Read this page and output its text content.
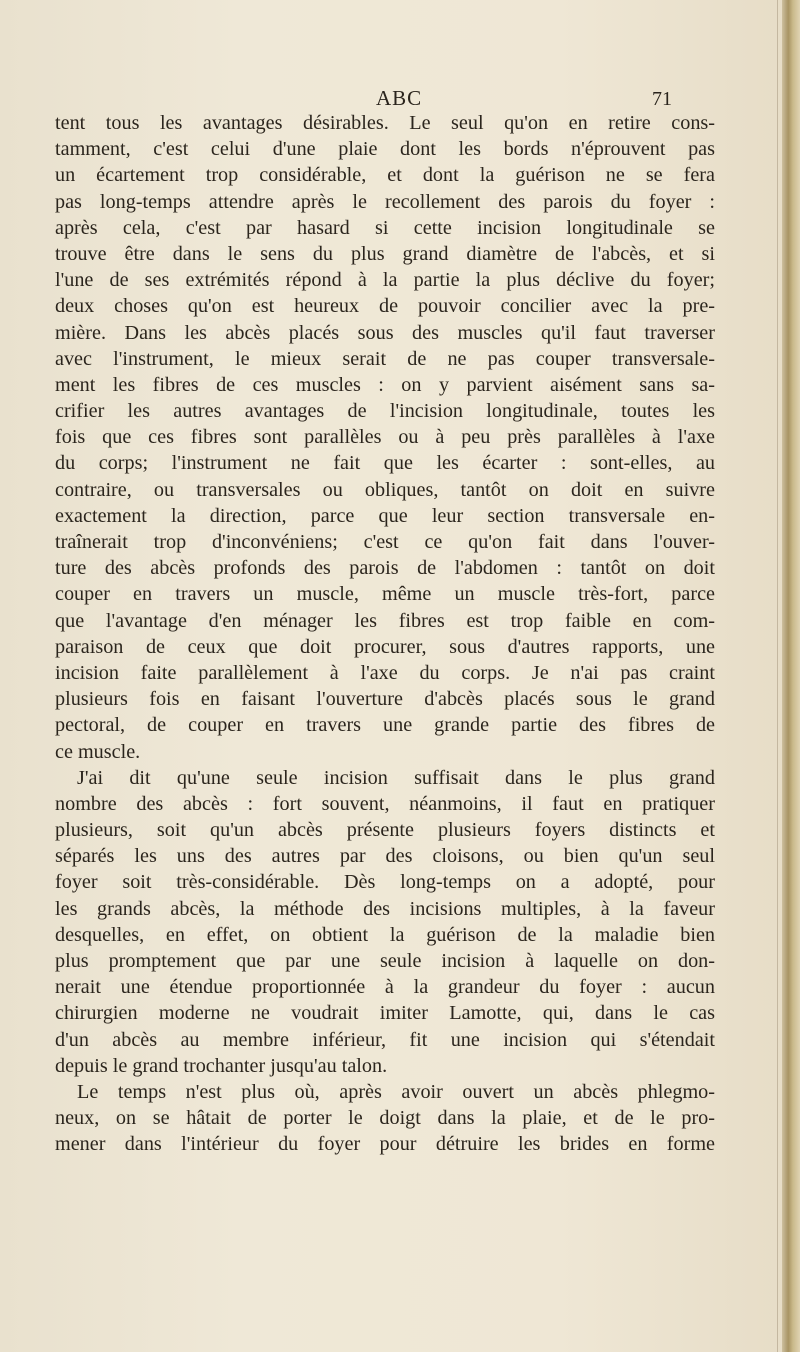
ABC	71
tent tous les avantages désirables. Le seul qu'on en retire cons-
tamment, c'est celui d'une plaie dont les bords n'éprouvent pas
un écartement trop considérable, et dont la guérison ne se fera
pas long-temps attendre après le recollement des parois du foyer :
après cela, c'est par hasard si cette incision longitudinale se
trouve être dans le sens du plus grand diamètre de l'abcès, et si
l'une de ses extrémités répond à la partie la plus déclive du foyer;
deux choses qu'on est heureux de pouvoir concilier avec la pre-
mière. Dans les abcès placés sous des muscles qu'il faut traverser
avec l'instrument, le mieux serait de ne pas couper transversale-
ment les fibres de ces muscles : on y parvient aisément sans sa-
crifier les autres avantages de l'incision longitudinale, toutes les
fois que ces fibres sont parallèles ou à peu près parallèles à l'axe
du corps; l'instrument ne fait que les écarter : sont-elles, au
contraire, ou transversales ou obliques, tantôt on doit en suivre
exactement la direction, parce que leur section transversale en-
traînerait trop d'inconvéniens; c'est ce qu'on fait dans l'ouver-
ture des abcès profonds des parois de l'abdomen : tantôt on doit
couper en travers un muscle, même un muscle très-fort, parce
que l'avantage d'en ménager les fibres est trop faible en com-
paraison de ceux que doit procurer, sous d'autres rapports, une
incision faite parallèlement à l'axe du corps. Je n'ai pas craint
plusieurs fois en faisant l'ouverture d'abcès placés sous le grand
pectoral, de couper en travers une grande partie des fibres de
ce muscle.
J'ai dit qu'une seule incision suffisait dans le plus grand
nombre des abcès : fort souvent, néanmoins, il faut en pratiquer
plusieurs, soit qu'un abcès présente plusieurs foyers distincts et
séparés les uns des autres par des cloisons, ou bien qu'un seul
foyer soit très-considérable. Dès long-temps on a adopté, pour
les grands abcès, la méthode des incisions multiples, à la faveur
desquelles, en effet, on obtient la guérison de la maladie bien
plus promptement que par une seule incision à laquelle on don-
nerait une étendue proportionnée à la grandeur du foyer : aucun
chirurgien moderne ne voudrait imiter Lamotte, qui, dans le cas
d'un abcès au membre inférieur, fit une incision qui s'étendait
depuis le grand trochanter jusqu'au talon.
Le temps n'est plus où, après avoir ouvert un abcès phlegmo-
neux, on se hâtait de porter le doigt dans la plaie, et de le pro-
mener dans l'intérieur du foyer pour détruire les brides en forme
